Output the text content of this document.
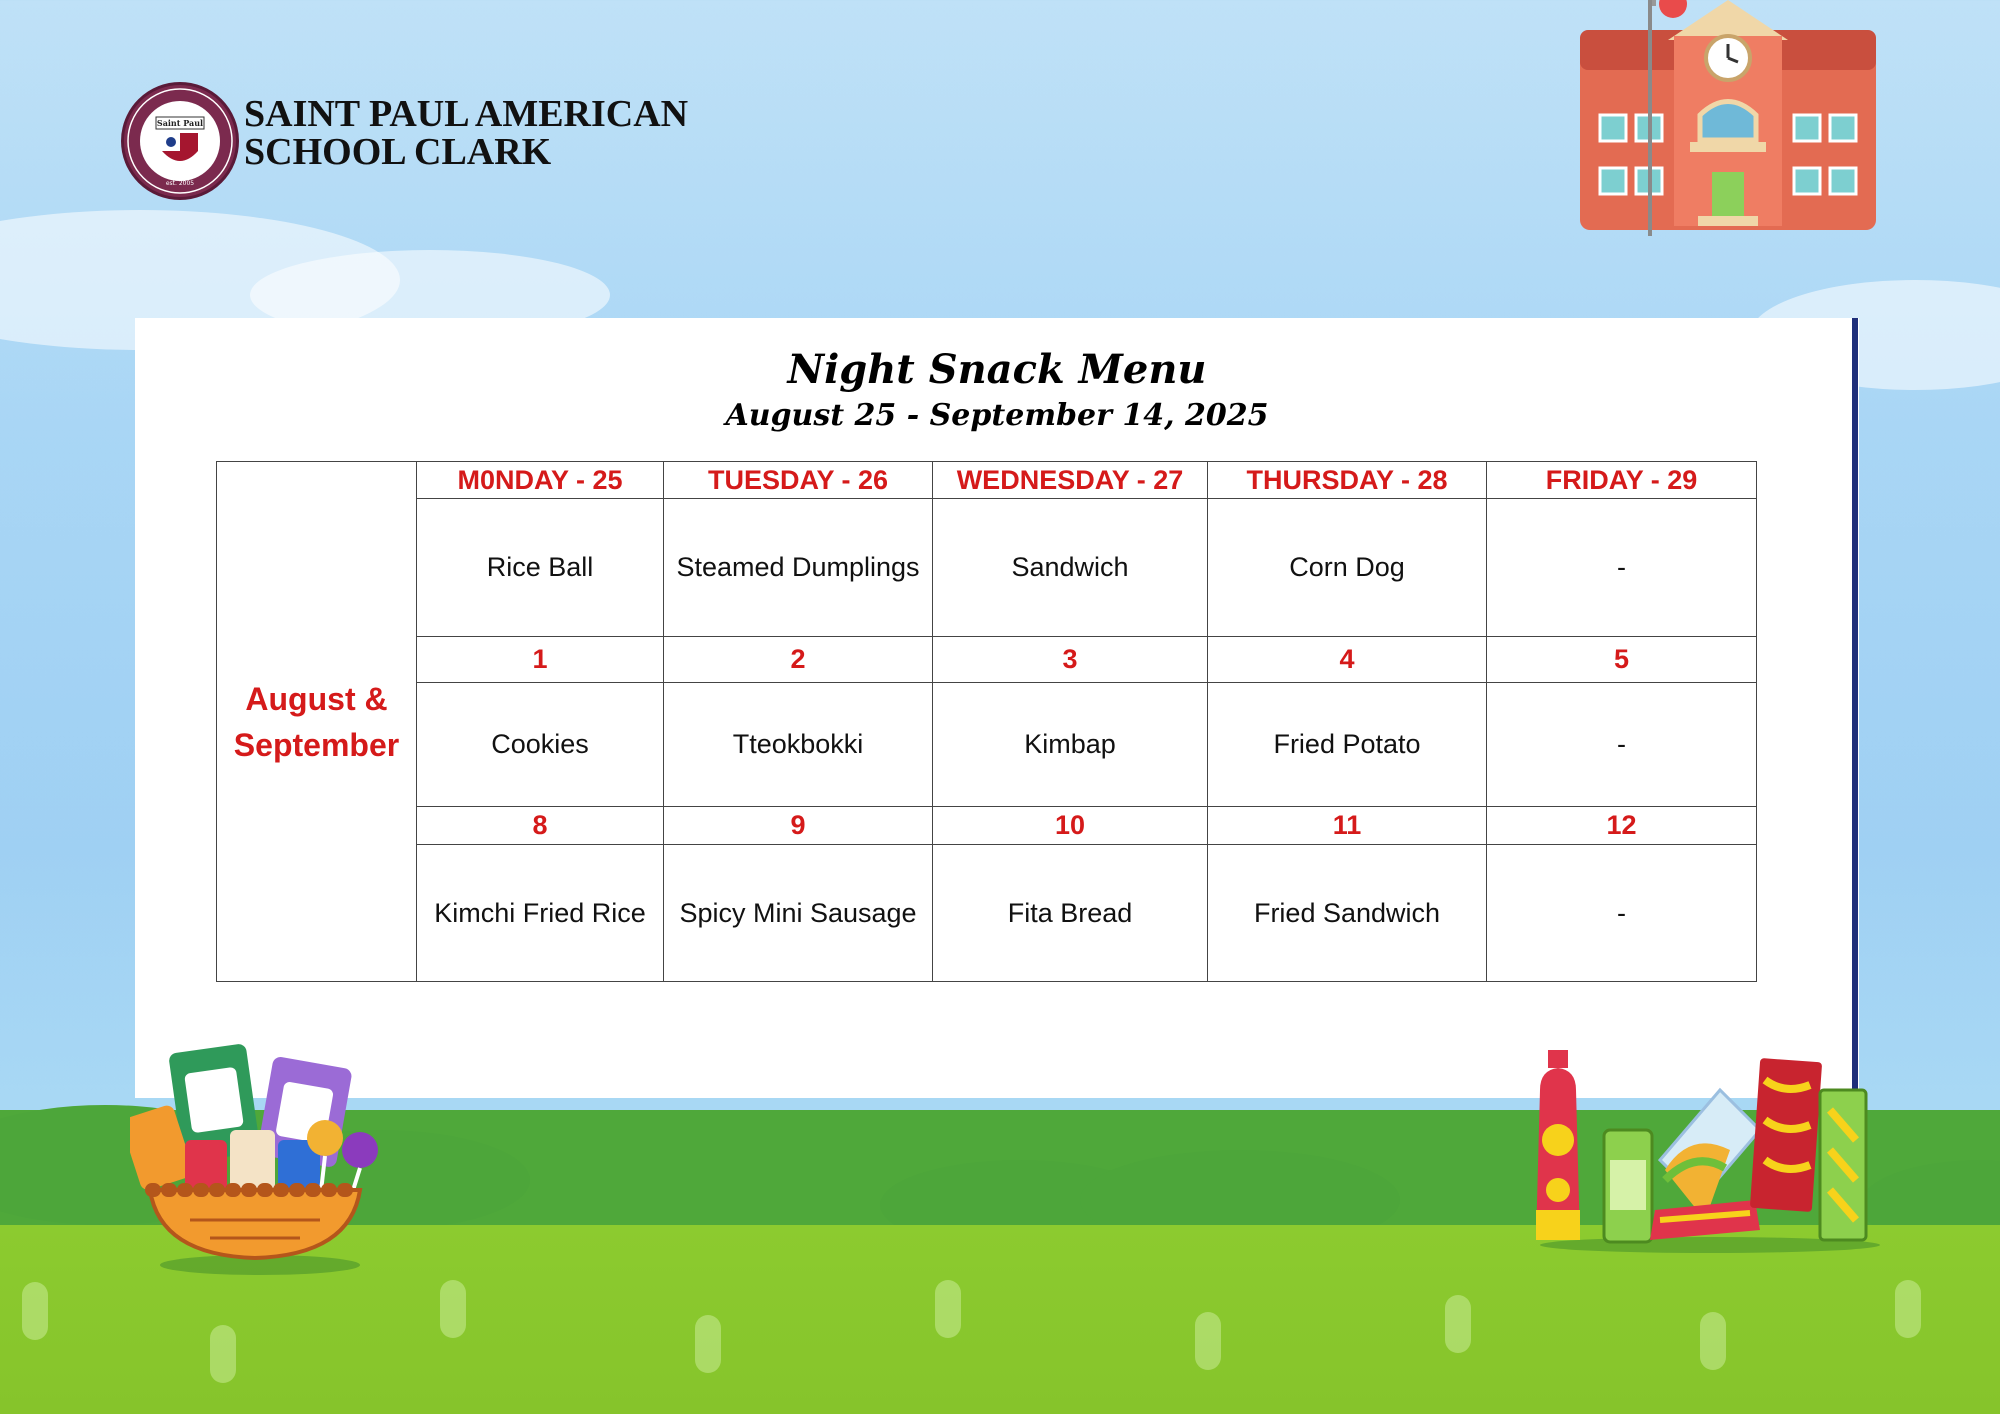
Saint Paul
est. 2005
SAINT PAUL AMERICAN
SCHOOL CLARK
Night Snack Menu
August 25 - September 14, 2025
August &
September	M0NDAY - 25	TUESDAY - 26	WEDNESDAY - 27	THURSDAY - 28	FRIDAY - 29
	Rice Ball	Steamed Dumplings	Sandwich	Corn Dog	-
	1	2	3	4	5
	Cookies	Tteokbokki	Kimbap	Fried Potato	-
	8	9	10	11	12
	Kimchi Fried Rice	Spicy Mini Sausage	Fita Bread	Fried Sandwich	-
